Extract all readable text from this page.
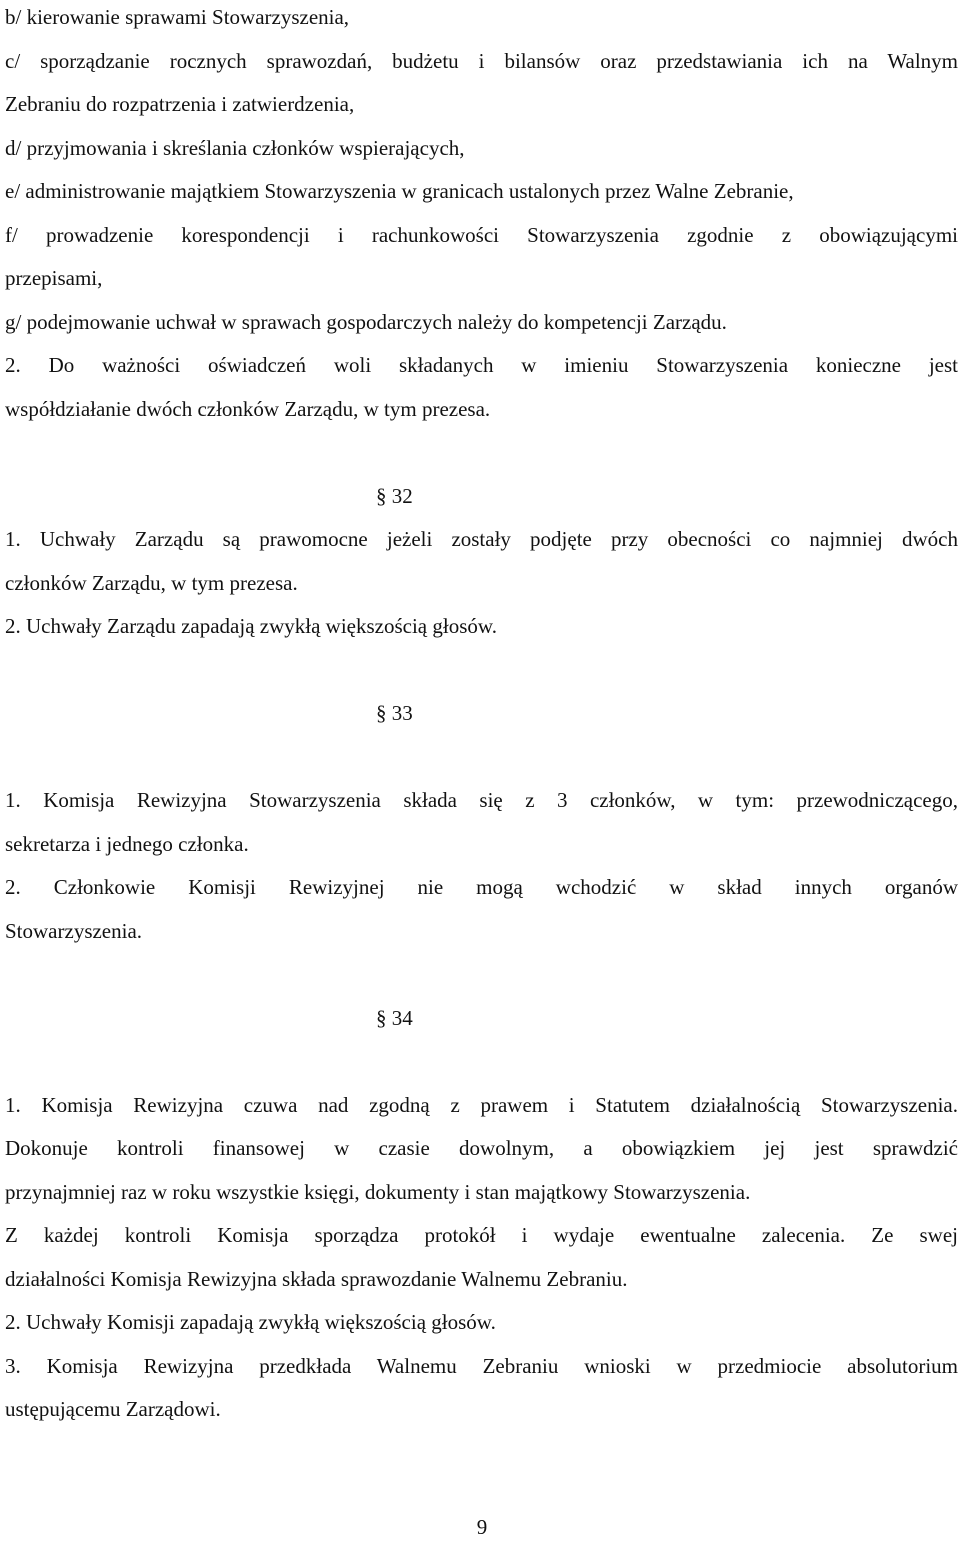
b/ kierowanie sprawami Stowarzyszenia,
c/ sporządzanie rocznych sprawozdań, budżetu i bilansów oraz przedstawiania ich na Walnym
Zebraniu do rozpatrzenia i zatwierdzenia,
d/ przyjmowania i skreślania członków wspierających,
e/ administrowanie majątkiem Stowarzyszenia w granicach ustalonych przez Walne Zebranie,
f/ prowadzenie korespondencji i rachunkowości Stowarzyszenia zgodnie z obowiązującymi
przepisami,
g/ podejmowanie uchwał w sprawach gospodarczych należy do kompetencji Zarządu.
2. Do ważności oświadczeń woli składanych w imieniu Stowarzyszenia konieczne jest
współdziałanie dwóch członków Zarządu, w tym prezesa.
§ 32
1. Uchwały Zarządu są prawomocne jeżeli zostały podjęte przy obecności co najmniej dwóch
członków Zarządu, w tym prezesa.
2. Uchwały Zarządu zapadają zwykłą większością głosów.
§ 33
1. Komisja Rewizyjna Stowarzyszenia składa się z 3 członków, w tym: przewodniczącego,
sekretarza i jednego członka.
2. Członkowie Komisji Rewizyjnej nie mogą wchodzić w skład innych organów
Stowarzyszenia.
§ 34
1. Komisja Rewizyjna czuwa nad zgodną z prawem i Statutem działalnością Stowarzyszenia.
Dokonuje kontroli finansowej w czasie dowolnym, a obowiązkiem jej jest sprawdzić
przynajmniej raz w roku wszystkie księgi, dokumenty i stan majątkowy Stowarzyszenia.
Z każdej kontroli Komisja sporządza protokół i wydaje ewentualne zalecenia. Ze swej
działalności Komisja Rewizyjna składa sprawozdanie Walnemu Zebraniu.
2. Uchwały Komisji zapadają zwykłą większością głosów.
3. Komisja Rewizyjna przedkłada Walnemu Zebraniu wnioski w przedmiocie absolutorium
ustępującemu Zarządowi.
9
